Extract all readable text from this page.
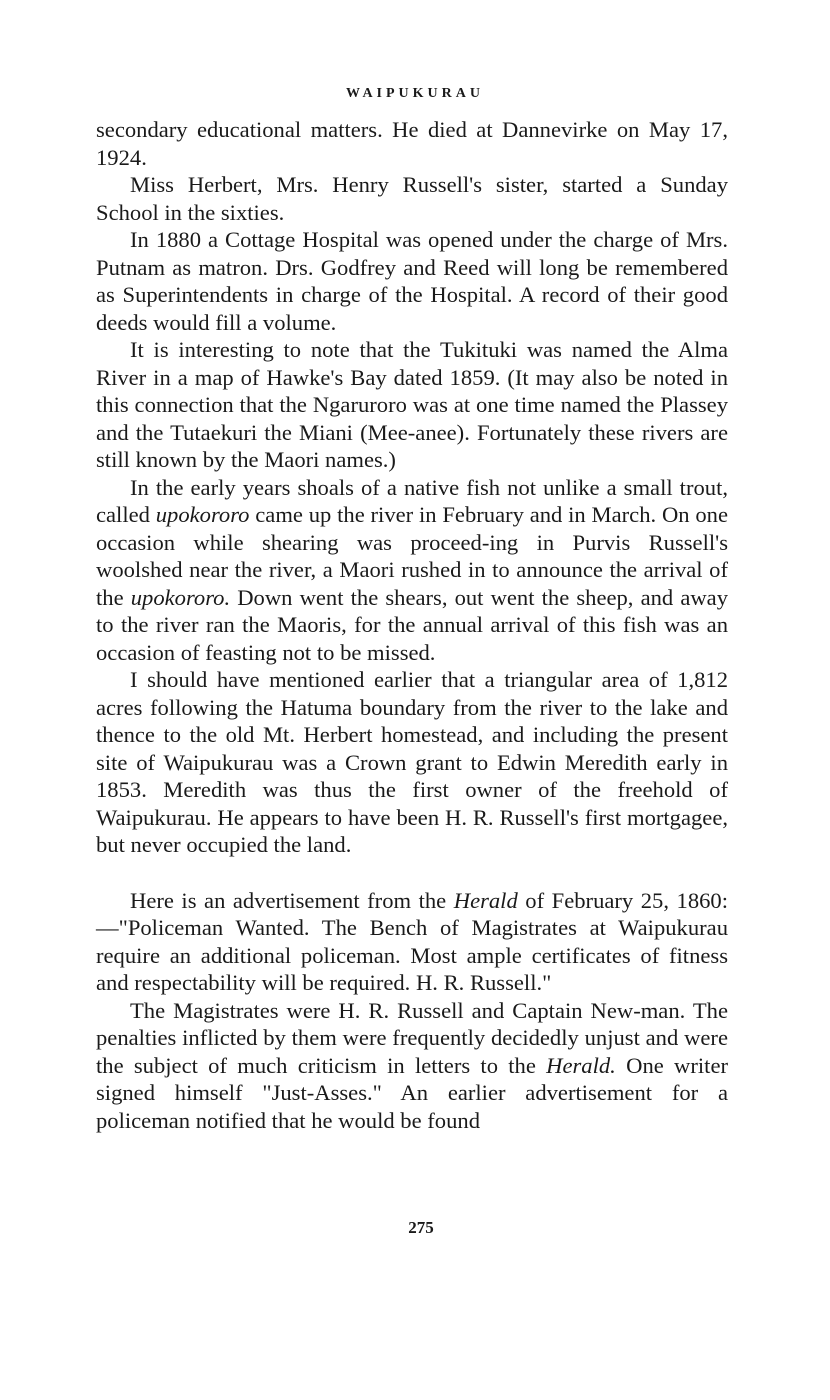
WAIPUKURAU

secondary educational matters. He died at Dannevirke on May 17, 1924.

Miss Herbert, Mrs. Henry Russell's sister, started a Sunday School in the sixties.

In 1880 a Cottage Hospital was opened under the charge of Mrs. Putnam as matron. Drs. Godfrey and Reed will long be remembered as Superintendents in charge of the Hospital. A record of their good deeds would fill a volume.

It is interesting to note that the Tukituki was named the Alma River in a map of Hawke's Bay dated 1859. (It may also be noted in this connection that the Ngaruroro was at one time named the Plassey and the Tutaekuri the Miani (Mee-anee). Fortunately these rivers are still known by the Maori names.)

In the early years shoals of a native fish not unlike a small trout, called upokororo came up the river in February and in March. On one occasion while shearing was proceed-ing in Purvis Russell's woolshed near the river, a Maori rushed in to announce the arrival of the upokororo. Down went the shears, out went the sheep, and away to the river ran the Maoris, for the annual arrival of this fish was an occasion of feasting not to be missed.

I should have mentioned earlier that a triangular area of 1,812 acres following the Hatuma boundary from the river to the lake and thence to the old Mt. Herbert homestead, and including the present site of Waipukurau was a Crown grant to Edwin Meredith early in 1853. Meredith was thus the first owner of the freehold of Waipukurau. He appears to have been H. R. Russell's first mortgagee, but never occupied the land.

Here is an advertisement from the Herald of February 25, 1860:—"Policeman Wanted. The Bench of Magistrates at Waipukurau require an additional policeman. Most ample certificates of fitness and respectability will be required. H. R. Russell."

The Magistrates were H. R. Russell and Captain New-man. The penalties inflicted by them were frequently decidedly unjust and were the subject of much criticism in letters to the Herald. One writer signed himself "Just-Asses." An earlier advertisement for a policeman notified that he would be found

275
